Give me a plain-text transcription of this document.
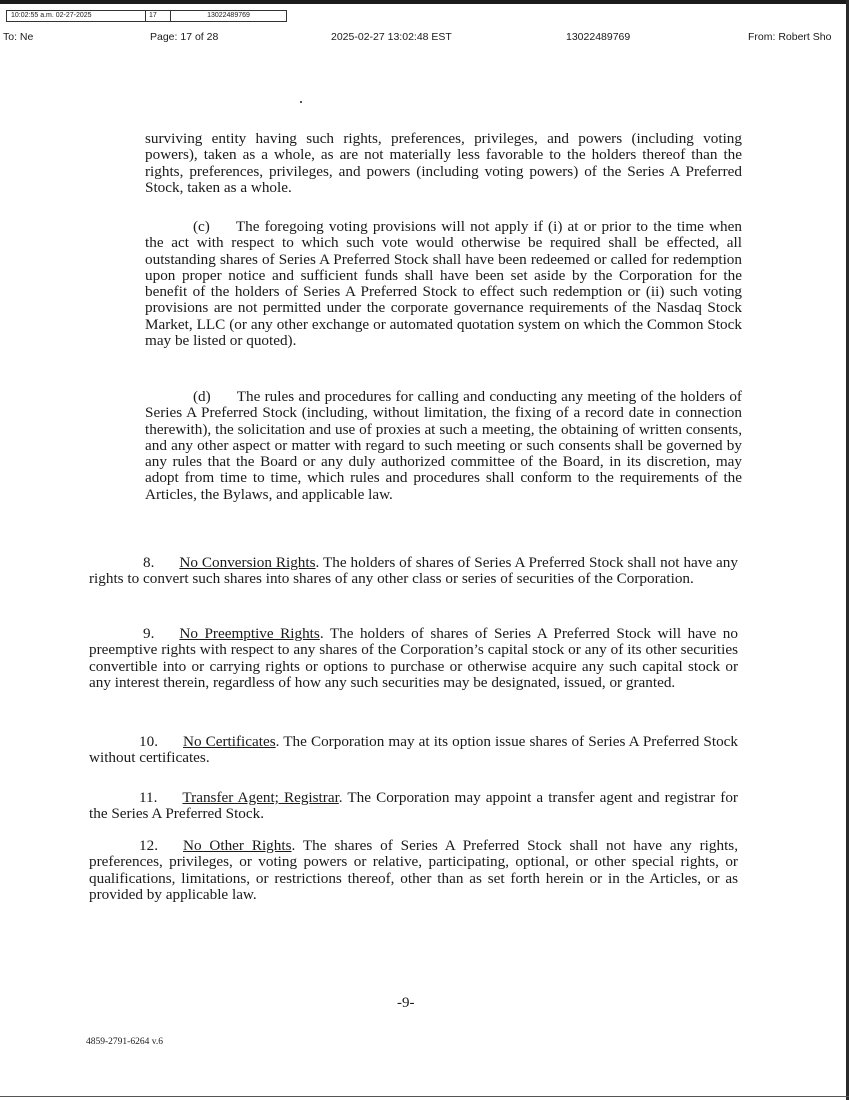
10:02:55 a.m. 02-27-2025	17	13022489769
To: Ne	Page: 17 of 28	2025-02-27 13:02:48 EST	13022489769	From: Robert Sho

surviving entity having such rights, preferences, privileges, and powers (including voting powers), taken as a whole, as are not materially less favorable to the holders thereof than the rights, preferences, privileges, and powers (including voting powers) of the Series A Preferred Stock, taken as a whole.

(c) The foregoing voting provisions will not apply if (i) at or prior to the time when the act with respect to which such vote would otherwise be required shall be effected, all outstanding shares of Series A Preferred Stock shall have been redeemed or called for redemption upon proper notice and sufficient funds shall have been set aside by the Corporation for the benefit of the holders of Series A Preferred Stock to effect such redemption or (ii) such voting provisions are not permitted under the corporate governance requirements of the Nasdaq Stock Market, LLC (or any other exchange or automated quotation system on which the Common Stock may be listed or quoted).

(d) The rules and procedures for calling and conducting any meeting of the holders of Series A Preferred Stock (including, without limitation, the fixing of a record date in connection therewith), the solicitation and use of proxies at such a meeting, the obtaining of written consents, and any other aspect or matter with regard to such meeting or such consents shall be governed by any rules that the Board or any duly authorized committee of the Board, in its discretion, may adopt from time to time, which rules and procedures shall conform to the requirements of the Articles, the Bylaws, and applicable law.

8. No Conversion Rights. The holders of shares of Series A Preferred Stock shall not have any rights to convert such shares into shares of any other class or series of securities of the Corporation.

9. No Preemptive Rights. The holders of shares of Series A Preferred Stock will have no preemptive rights with respect to any shares of the Corporation’s capital stock or any of its other securities convertible into or carrying rights or options to purchase or otherwise acquire any such capital stock or any interest therein, regardless of how any such securities may be designated, issued, or granted.

10. No Certificates. The Corporation may at its option issue shares of Series A Preferred Stock without certificates.

11. Transfer Agent; Registrar. The Corporation may appoint a transfer agent and registrar for the Series A Preferred Stock.

12. No Other Rights. The shares of Series A Preferred Stock shall not have any rights, preferences, privileges, or voting powers or relative, participating, optional, or other special rights, or qualifications, limitations, or restrictions thereof, other than as set forth herein or in the Articles, or as provided by applicable law.

-9-
4859-2791-6264 v.6
